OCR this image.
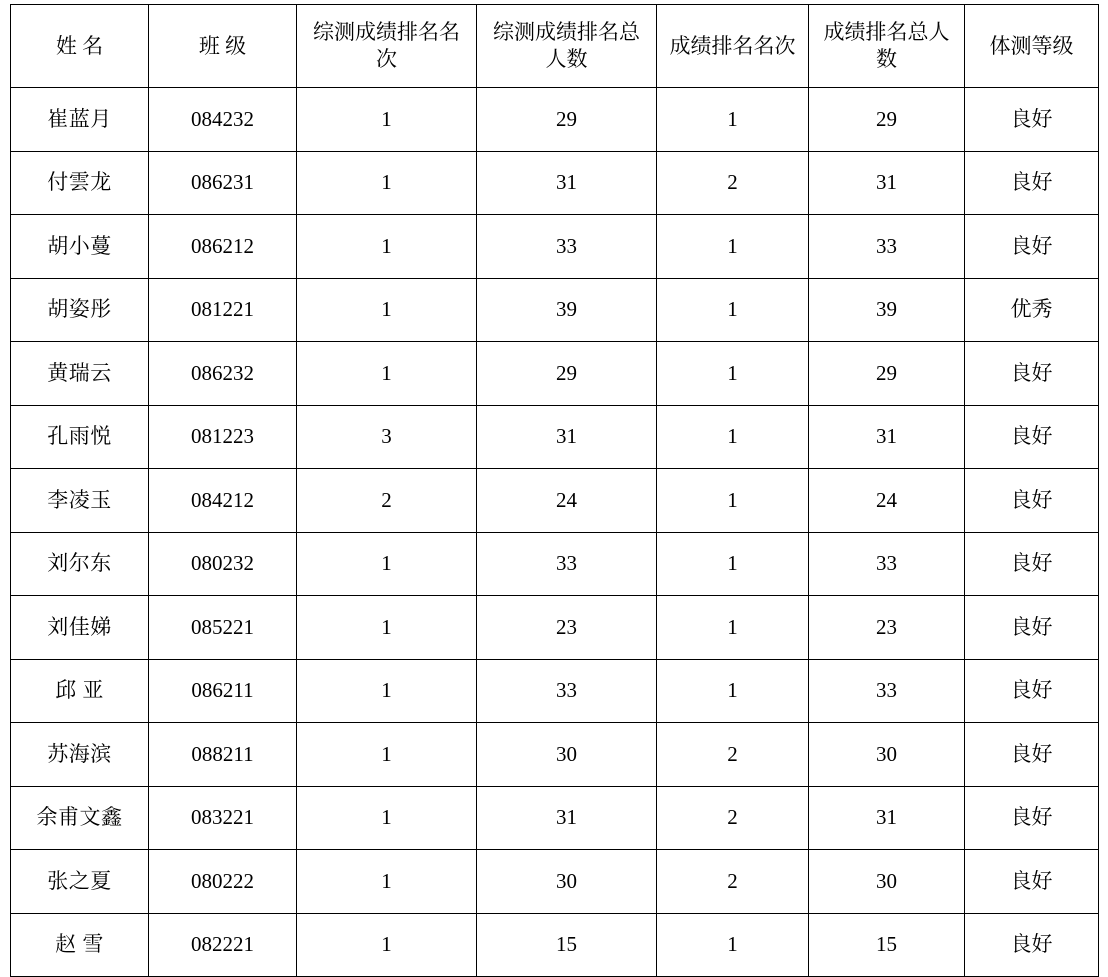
姓 名	班 级	综测成绩排名名次	综测成绩排名总人数	成绩排名名次	成绩排名总人数	体测等级

崔蓝月	084232	1	29	1	29	良好
付雲龙	086231	1	31	2	31	良好
胡小蔓	086212	1	33	1	33	良好
胡姿彤	081221	1	39	1	39	优秀
黄瑞云	086232	1	29	1	29	良好
孔雨悦	081223	3	31	1	31	良好
李凌玉	084212	2	24	1	24	良好
刘尔东	080232	1	33	1	33	良好
刘佳娣	085221	1	23	1	23	良好
邱 亚	086211	1	33	1	33	良好
苏海滨	088211	1	30	2	30	良好
余甫文鑫	083221	1	31	2	31	良好
张之夏	080222	1	30	2	30	良好
赵 雪	082221	1	15	1	15	良好
